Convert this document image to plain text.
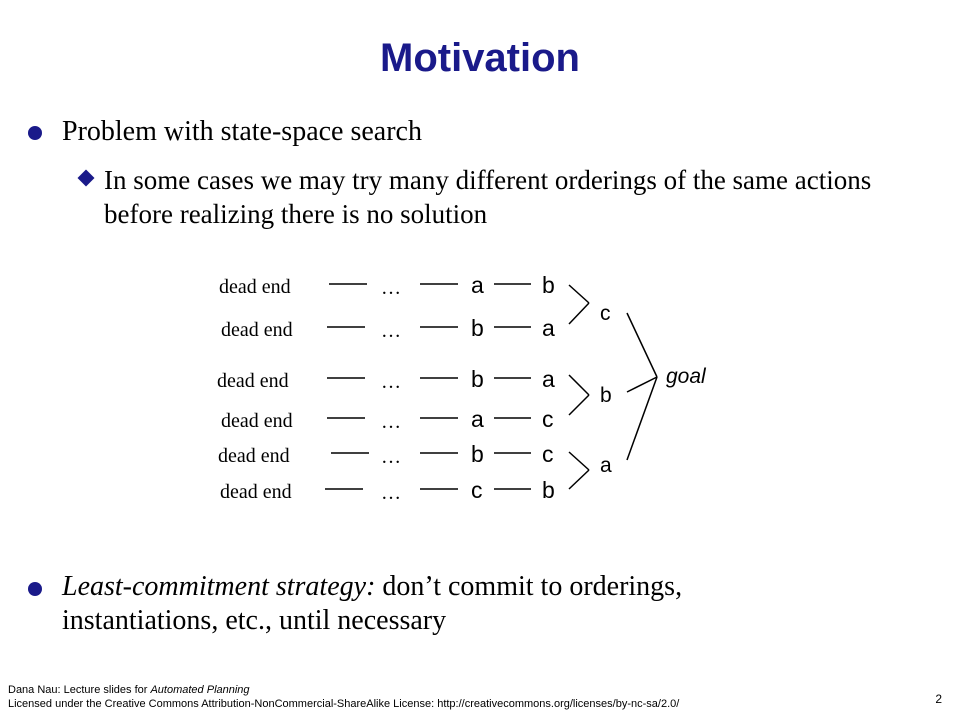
Motivation
Problem with state-space search
In some cases we may try many different orderings of the same actions before realizing there is no solution
dead end	…	a	b
dead end	…	b	a
dead end	…	b	a
dead end	…	a	c
dead end	…	b	c
dead end	…	c	b
c
b
a
goal
Least-commitment strategy: don’t commit to orderings, instantiations, etc., until necessary
Dana Nau: Lecture slides for Automated Planning
Licensed under the Creative Commons Attribution-NonCommercial-ShareAlike License: http://creativecommons.org/licenses/by-nc-sa/2.0/	2
